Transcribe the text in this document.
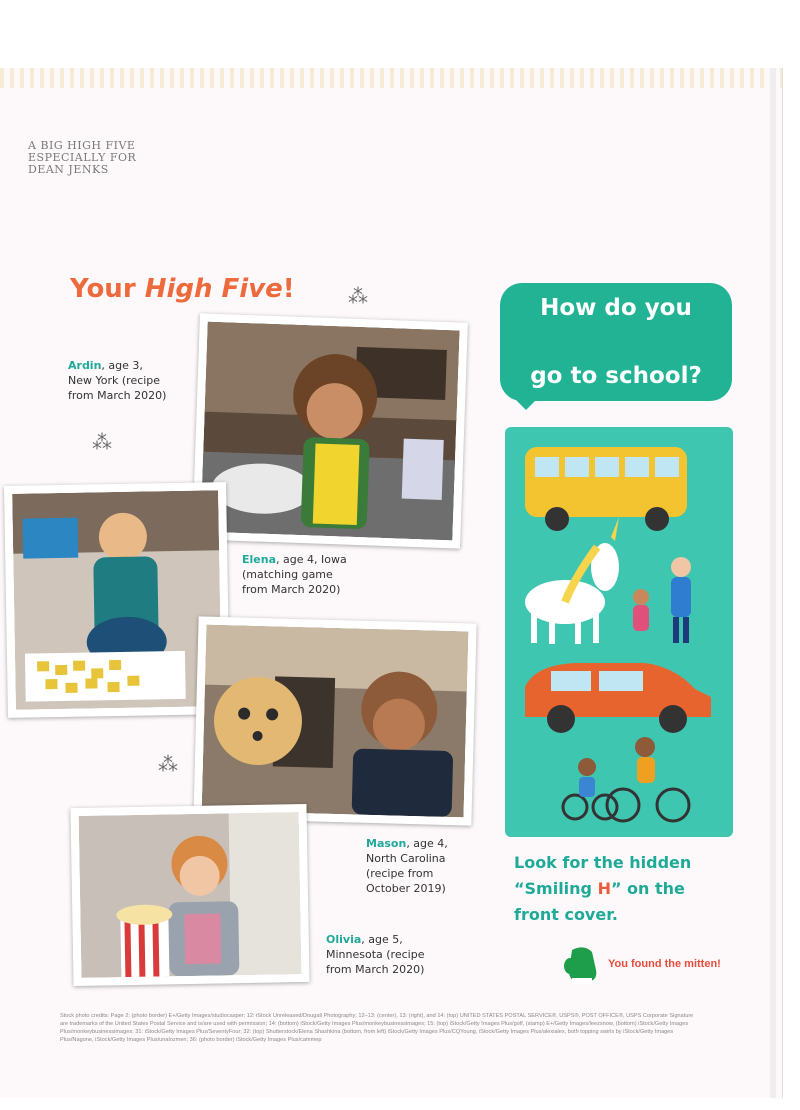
A BIG HIGH FIVE
ESPECIALLY FOR
DEAN JENKS
Your High Five!	⁂
⁂
⁂
Ardin, age 3,
New York (recipe
from March 2020)
Elena, age 4, Iowa
(matching game
from March 2020)
Mason, age 4,
North Carolina
(recipe from
October 2019)
Olivia, age 5,
Minnesota (recipe
from March 2020)

How do you

go to school?

Look for the hidden
“Smiling H” on the
front cover.
You found the mitten!
Stock photo credits: Page 2: (photo border) E+/Getty Images/studiocasper; 12: iStock Unreleased/Dougall Photography; 12–13: (center), 13: (right), and 14: (top) UNITED STATES POSTAL SERVICE®, USPS®, POST OFFICE®, USPS Corporate Signature are trademarks of the United States Postal Service and is/are used with permission; 14: (bottom) iStock/Getty Images Plus/monkeybusinessimages; 15: (top) iStock/Getty Images Plus/golf, (stamp) E+/Getty Images/leezsnow, (bottom) iStock/Getty Images Plus/monkeybusinessimages; 31: iStock/Getty Images Plus/SeventyFour; 32: (top) Shutterstock/Elena Shashkina (bottom, from left) iStock/Getty Images Plus/CQYoung, iStock/Getty Images Plus/alexialex, both topping swirls by iStock/Getty Images Plus/Nagone, iStock/Getty Images Plus/unalozmen; 36: (photo border) iStock/Getty Images Plus/cammep
